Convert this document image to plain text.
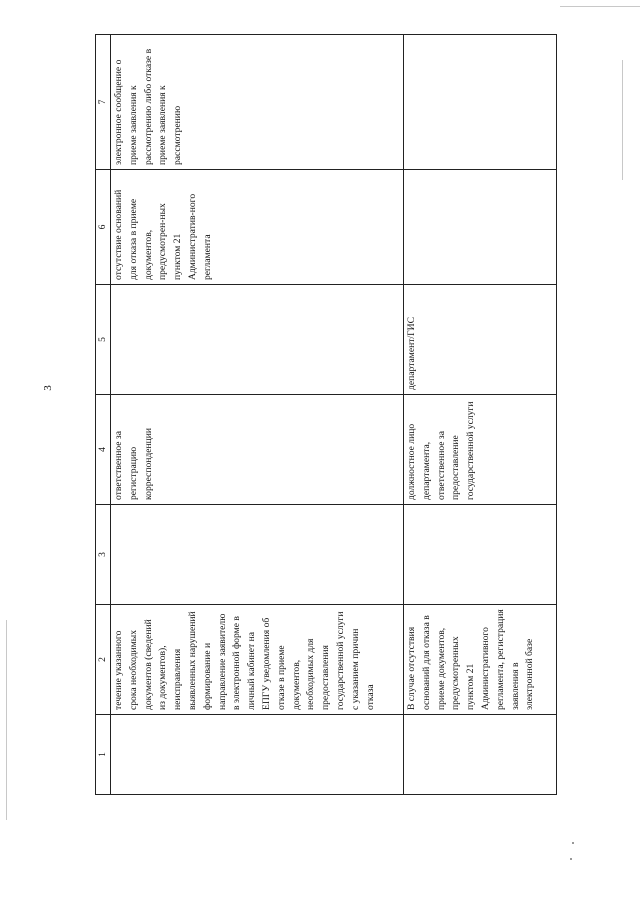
3
1	2	3	4	5	6	7

	течение указанного срока необходимых документов (сведений из документов), неисправления выявленных нарушений формирование и направление заявителю в электронной форме в личный кабинет на ЕПГУ уведомления об отказе в приеме документов, необходимых для предоставления государственной услуги с указанием причин отказа		ответственное за регистрацию корреспонденции		отсутствие оснований для отказа в приеме документов, предусмотрен-ных пунктом 21 Административ-ного регламента	электронное сообщение о приеме заявления к рассмотрению либо отказе в приеме заявления к рассмотрению

	В случае отсутствия оснований для отказа в приеме документов, предусмотренных пунктом 21 Административного регламента, регистрация заявления в электронной базе		должностное лицо департамента, ответственное за предоставление государственной услуги	департамент/ГИС		
